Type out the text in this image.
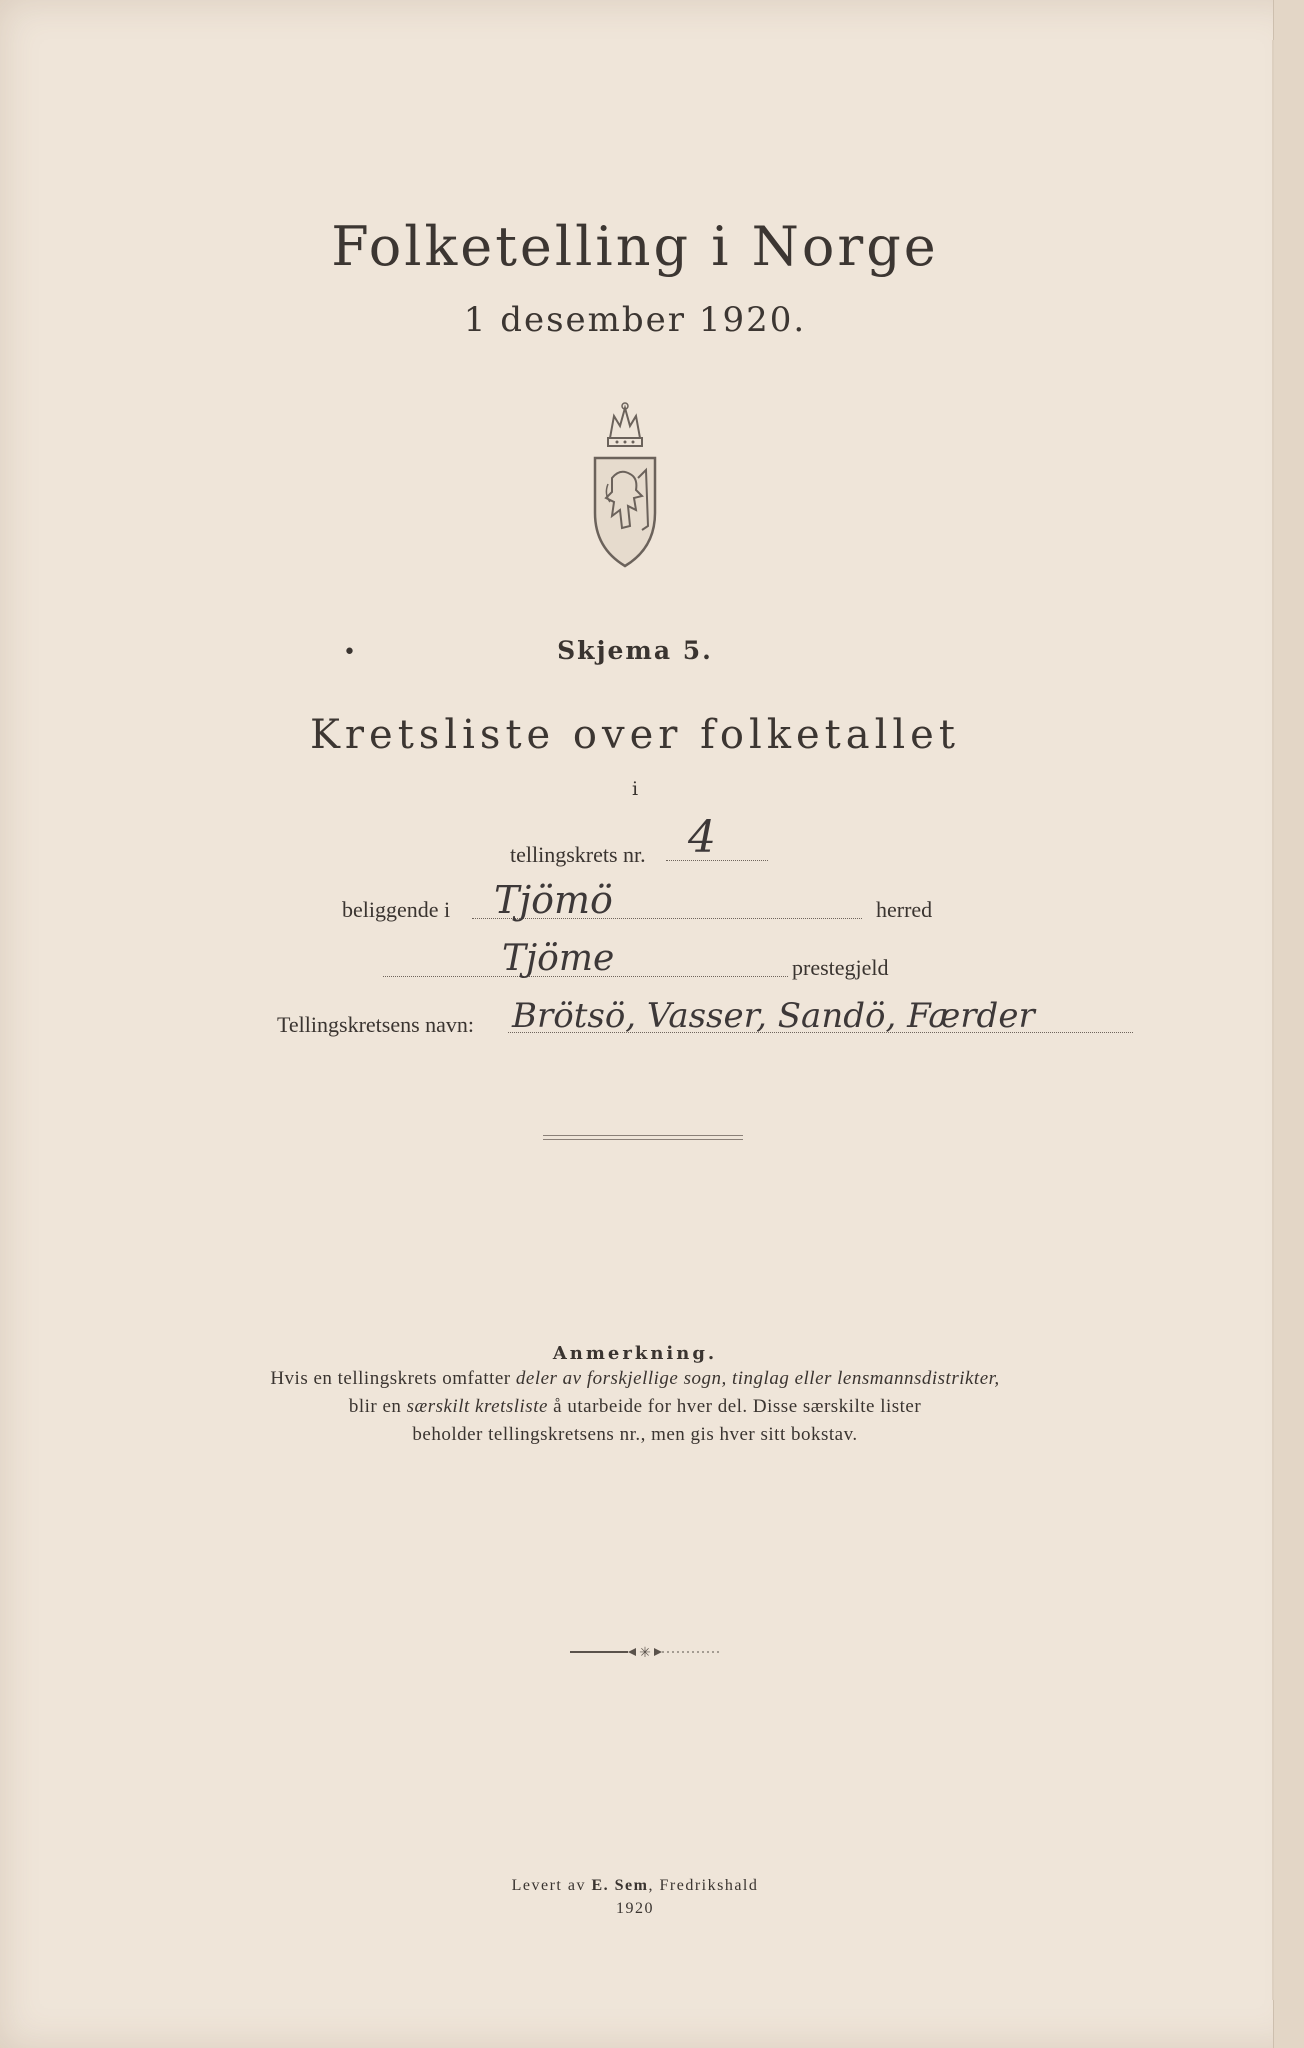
Folketelling i Norge
1 desember 1920.
•	Skjema 5.
Kretsliste over folketallet
i
tellingskrets nr. 4
beliggende i Tjömö	herred
Tjöme	prestegjeld
Tellingskretsens navn: Brötsö, Vasser, Sandö, Færder
Anmerkning.
Hvis en tellingskrets omfatter deler av forskjellige sogn, tinglag eller lensmannsdistrikter,
blir en særskilt kretsliste å utarbeide for hver del. Disse særskilte lister
beholder tellingskretsens nr., men gis hver sitt bokstav.
✳
Levert av E. Sem, Fredrikshald
1920
